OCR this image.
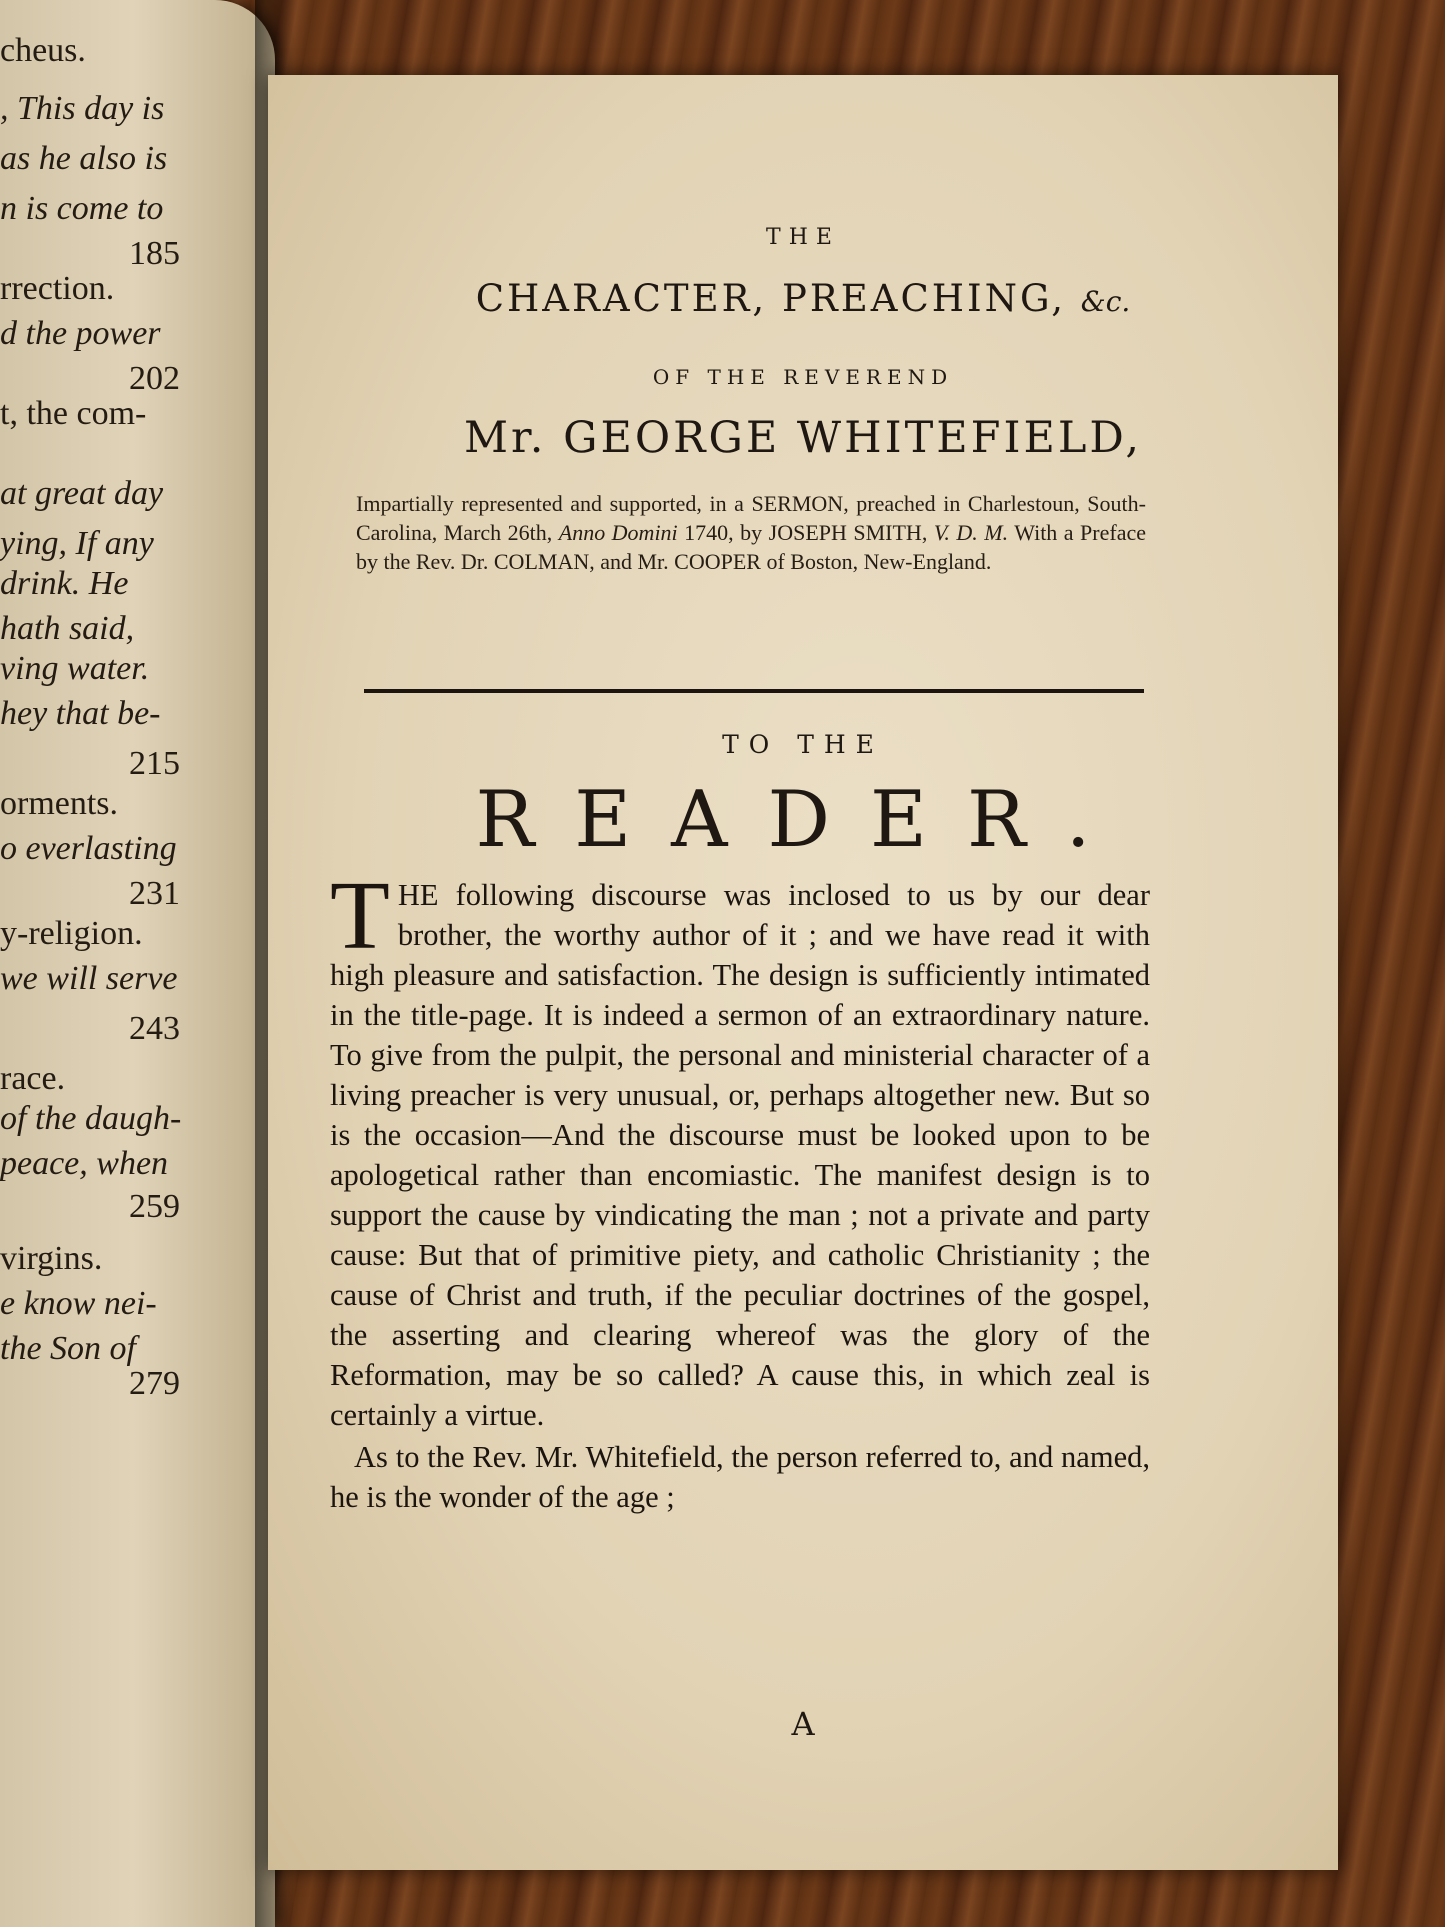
cheus.
, This day is
as he also is
n is come to
185
rrection.
d the power
202
t, the com-
at great day
ying, If any
drink. He
hath said,
ving water.
hey that be-
215
orments.
o everlasting
231
y-religion.
we will serve
243
race.
of the daugh-
peace, when
259
virgins.
e know nei-
the Son of
279
THE
CHARACTER, PREACHING, &c.
OF THE REVEREND
Mr. GEORGE WHITEFIELD,
Impartially represented and supported, in a SERMON, preached in Charlestoun, South-Carolina, March 26th, Anno Domini 1740, by JOSEPH SMITH, V. D. M. With a Preface by the Rev. Dr. COLMAN, and Mr. COOPER of Boston, New-England.
TO THE
READER.

THE following discourse was inclosed to us by our dear brother, the worthy author of it ; and we have read it with high pleasure and satisfaction. The design is sufficiently intimated in the title-page. It is indeed a sermon of an extraordinary nature. To give from the pulpit, the personal and ministerial character of a living preacher is very unusual, or, perhaps altogether new. But so is the occasion—And the discourse must be looked upon to be apologetical rather than encomiastic. The manifest design is to support the cause by vindicating the man ; not a private and party cause: But that of primitive piety, and catholic Christianity ; the cause of Christ and truth, if the peculiar doctrines of the gospel, the asserting and clearing whereof was the glory of the Reformation, may be so called? A cause this, in which zeal is certainly a virtue.

As to the Rev. Mr. Whitefield, the person referred to, and named, he is the wonder of the age ;

A
